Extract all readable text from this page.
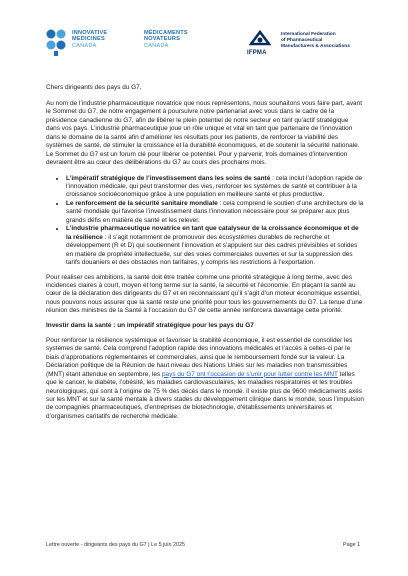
INNOVATIVE
MEDICINES
CANADA
MÉDICAMENTS
NOVATEURS
CANADA
IFPMA
International Federation
of Pharmaceutical
Manufacturers & Associations

Chers dirigeants des pays du G7,

Au nom de l’industrie pharmaceutique novatrice que nous représentons, nous souhaitons vous faire part, avant le Sommet du G7, de notre engagement à poursuivre notre partenariat avec vous dans le cadre de la présidence canadienne du G7, afin de libérer le plein potentiel de notre secteur en tant qu’actif stratégique dans vos pays. L’industrie pharmaceutique joue un rôle unique et vital en tant que partenaire de l’innovation dans le domaine de la santé afin d’améliorer les résultats pour les patients, de renforcer la viabilité des systèmes de santé, de stimuler la croissance et la durabilité économiques, et de soutenir la sécurité nationale. Le Sommet du G7 est un forum clé pour libérer ce potentiel. Pour y parvenir, trois domaines d’intervention devraient être au cœur des délibérations du G7 au cours des prochains mois.

• L’impératif stratégique de l’investissement dans les soins de santé : cela inclut l’adoption rapide de l’innovation médicale, qui peut transformer des vies, renforcer les systèmes de santé et contribuer à la croissance socioéconomique grâce à une population en meilleure santé et plus productive.
• Le renforcement de la sécurité sanitaire mondiale : cela comprend le soutien d’une architecture de la santé mondiale qui favorise l’investissement dans l’innovation nécessaire pour se préparer aux plus grands défis en matière de santé et les relever.
• L’industrie pharmaceutique novatrice en tant que catalyseur de la croissance économique et de la résilience : il s’agit notamment de promouvoir des écosystèmes durables de recherche et développement (R et D) qui soutiennent l’innovation et s’appuient sur des cadres prévisibles et solides en matière de propriété intellectuelle, sur des voies commerciales ouvertes et sur la suppression des tarifs douaniers et des obstacles non tarifaires, y compris les restrictions à l’exportation.

Pour réaliser ces ambitions, la santé doit être traitée comme une priorité stratégique à long terme, avec des incidences claires à court, moyen et long terme sur la santé, la sécurité et l’économie. En plaçant la santé au cœur de la déclaration des dirigeants du G7 et en reconnaissant qu’il s’agit d’un moteur économique essentiel, nous pouvons nous assurer que la santé reste une priorité pour tous les gouvernements du G7. La tenue d’une réunion des ministres de la Santé à l’occasion du G7 de cette année renforcera davantage cette priorité.

Investir dans la santé : un impératif stratégique pour les pays du G7

Pour renforcer la résilience systémique et favoriser la stabilité économique, il est essentiel de consolider les systèmes de santé. Cela comprend l’adoption rapide des innovations médicales et l’accès à celles-ci par le biais d’approbations réglementaires et commerciales, ainsi que le remboursement fondé sur la valeur. La Déclaration politique de la Réunion de haut niveau des Nations Unies sur les maladies non transmissibles (MNT) étant attendue en septembre, les pays du G7 ont l’occasion de s’unir pour lutter contre les MNT telles que le cancer, le diabète, l’obésité, les maladies cardiovasculaires, les maladies respiratoires et les troubles neurologiques, qui sont à l’origine de 75 % des décès dans le monde. Il existe plus de 9600 médicaments axés sur les MNT et sur la santé mentale à divers stades du développement clinique dans le monde, sous l’impulsion de compagnies pharmaceutiques, d’entreprises de biotechnologie, d’établissements universitaires et d’organismes caritatifs de recherche médicale.

Lettre ouverte - dirigeants des pays du G7 | Le 5 juin 2025	Page 1
